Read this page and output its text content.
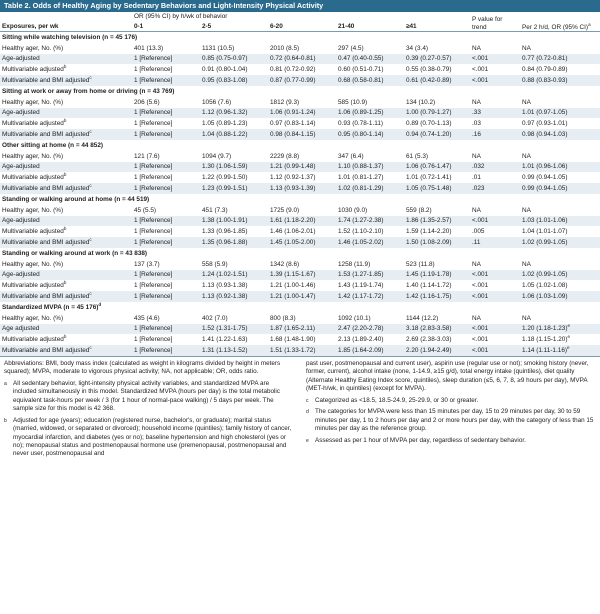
Table 2. Odds of Healthy Aging by Sedentary Behaviors and Light-Intensity Physical Activity
	OR (95% CI) by h/wk of behavior					P value for trend	Per 2 h/d, OR (95% CI)$^a$
Exposures, per wk	0-1	2-5	6-20	21-40	≥41		
Sitting while watching television (n = 45 176)							
Healthy ager, No. (%)	401 (13.3)	1131 (10.5)	2010 (8.5)	297 (4.5)	34 (3.4)	NA	NA
Age-adjusted	1 [Reference]	0.85 (0.75-0.97)	0.72 (0.64-0.81)	0.47 (0.40-0.55)	0.39 (0.27-0.57)	<.001	0.77 (0.72-0.81)
Multivariable adjusted$^b$	1 [Reference]	0.91 (0.80-1.04)	0.81 (0.72-0.92)	0.60 (0.51-0.71)	0.55 (0.38-0.79)	<.001	0.84 (0.79-0.89)
Multivariable and BMI adjusted$^c$	1 [Reference]	0.95 (0.83-1.08)	0.87 (0.77-0.99)	0.68 (0.58-0.81)	0.61 (0.42-0.89)	<.001	0.88 (0.83-0.93)
Sitting at work or away from home or driving (n = 43 769)							
Healthy ager, No. (%)	206 (5.6)	1056 (7.6)	1812 (9.3)	585 (10.9)	134 (10.2)	NA	NA
Age-adjusted	1 [Reference]	1.12 (0.96-1.32)	1.06 (0.91-1.24)	1.06 (0.89-1.25)	1.00 (0.79-1.27)	.33	1.01 (0.97-1.05)
Multivariable adjusted$^b$	1 [Reference]	1.05 (0.89-1.23)	0.97 (0.83-1.14)	0.93 (0.78-1.11)	0.89 (0.70-1.13)	.03	0.97 (0.93-1.01)
Multivariable and BMI adjusted$^c$	1 [Reference]	1.04 (0.88-1.22)	0.98 (0.84-1.15)	0.95 (0.80-1.14)	0.94 (0.74-1.20)	.16	0.98 (0.94-1.03)
Other sitting at home (n = 44 852)							
Healthy ager, No. (%)	121 (7.6)	1094 (9.7)	2229 (8.8)	347 (6.4)	61 (5.3)	NA	NA
Age-adjusted	1 [Reference]	1.30 (1.06-1.59)	1.21 (0.99-1.48)	1.10 (0.88-1.37)	1.06 (0.76-1.47)	.032	1.01 (0.96-1.06)
Multivariable adjusted$^b$	1 [Reference]	1.22 (0.99-1.50)	1.12 (0.92-1.37)	1.01 (0.81-1.27)	1.01 (0.72-1.41)	.01	0.99 (0.94-1.05)
Multivariable and BMI adjusted$^c$	1 [Reference]	1.23 (0.99-1.51)	1.13 (0.93-1.39)	1.02 (0.81-1.29)	1.05 (0.75-1.48)	.023	0.99 (0.94-1.05)
Standing or walking around at home (n = 44 519)							
Healthy ager, No. (%)	45 (5.5)	451 (7.3)	1725 (9.0)	1030 (9.0)	559 (8.2)	NA	NA
Age-adjusted	1 [Reference]	1.38 (1.00-1.91)	1.61 (1.18-2.20)	1.74 (1.27-2.38)	1.86 (1.35-2.57)	<.001	1.03 (1.01-1.06)
Multivariable adjusted$^b$	1 [Reference]	1.33 (0.96-1.85)	1.46 (1.06-2.01)	1.52 (1.10-2.10)	1.59 (1.14-2.20)	.005	1.04 (1.01-1.07)
Multivariable and BMI adjusted$^c$	1 [Reference]	1.35 (0.96-1.88)	1.45 (1.05-2.00)	1.46 (1.05-2.02)	1.50 (1.08-2.09)	.11	1.02 (0.99-1.05)
Standing or walking around at work (n = 43 838)							
Healthy ager, No. (%)	137 (3.7)	558 (5.9)	1342 (8.6)	1258 (11.9)	523 (11.8)	NA	NA
Age-adjusted	1 [Reference]	1.24 (1.02-1.51)	1.39 (1.15-1.67)	1.53 (1.27-1.85)	1.45 (1.19-1.78)	<.001	1.02 (0.99-1.05)
Multivariable adjusted$^b$	1 [Reference]	1.13 (0.93-1.38)	1.21 (1.00-1.46)	1.43 (1.19-1.74)	1.40 (1.14-1.72)	<.001	1.05 (1.02-1.08)
Multivariable and BMI adjusted$^c$	1 [Reference]	1.13 (0.92-1.38)	1.21 (1.00-1.47)	1.42 (1.17-1.72)	1.42 (1.16-1.75)	<.001	1.06 (1.03-1.09)
Standardized MVPA (n = 45 176)$^d$
Healthy ager, No. (%)	435 (4.6)	402 (7.0)	800 (8.3)	1092 (10.1)	1144 (12.2)	NA	NA
Age adjusted	1 [Reference]	1.52 (1.31-1.75)	1.87 (1.65-2.11)	2.47 (2.20-2.78)	3.18 (2.83-3.58)	<.001	1.20 $(1.18-1.23)^e$
Multivariable adjusted$^b$	1 [Reference]	1.41 (1.22-1.63)	1.68 (1.48-1.90)	2.13 (1.89-2.40)	2.69 (2.38-3.03)	<.001	1.18 $(1.15-1.20)^e$
Multivariable and BMI adjusted$^c$	1 [Reference]	1.31 (1.13-1.52)	1.51 (1.33-1.72)	1.85 (1.64-2.09)	2.20 (1.94-2.49)	<.001	1.14 $(1.11-1.16)^e$

Abbreviations: BMI, body mass index (calculated as weight in kilograms divided by height in meters squared); MVPA, moderate to vigorous physical activity; NA, not applicable; OR, odds ratio.

a All sedentary behavior, light-intensity physical activity variables, and standardized MVPA are included simultaneously in this model. Standardized MVPA (hours per day) is the total metabolic equivalent task-hours per week / 3 (for 1 hour of normal-pace walking) / 5 days per week. The sample size for this model is 42 368.

b Adjusted for age (years); education (registered nurse, bachelor's, or graduate); marital status (married, widowed, or separated or divorced); household income (quintiles); family history of cancer, myocardial infarction, and diabetes (yes or no); baseline hypertension and high cholesterol (yes or no); menopausal status and postmenopausal hormone use (premenopausal, postmenopausal and never user, postmenopausal and

past user, postmenopausal and current user), aspirin use (regular use or not); smoking history (never, former, current), alcohol intake (none, 1-14.9, ≥15 g/d), total energy intake (quintiles), diet quality (Alternate Healthy Eating Index score, quintiles), sleep duration (≤5, 6, 7, 8, ≥9 hours per day), MVPA (MET-h/wk, in quintiles) (except for MVPA).

c	Categorized as <18.5, 18.5-24.9, 25-29.9, or 30 or greater.

d The categories for MVPA were less than 15 minutes per day, 15 to 29 minutes per day, 30 to 59 minutes per day, 1 to 2 hours per day and 2 or more hours per day, with the category of less than 15 minutes per day as the reference group.

e Assessed as per 1 hour of MVPA per day, regardless of sedentary behavior.
